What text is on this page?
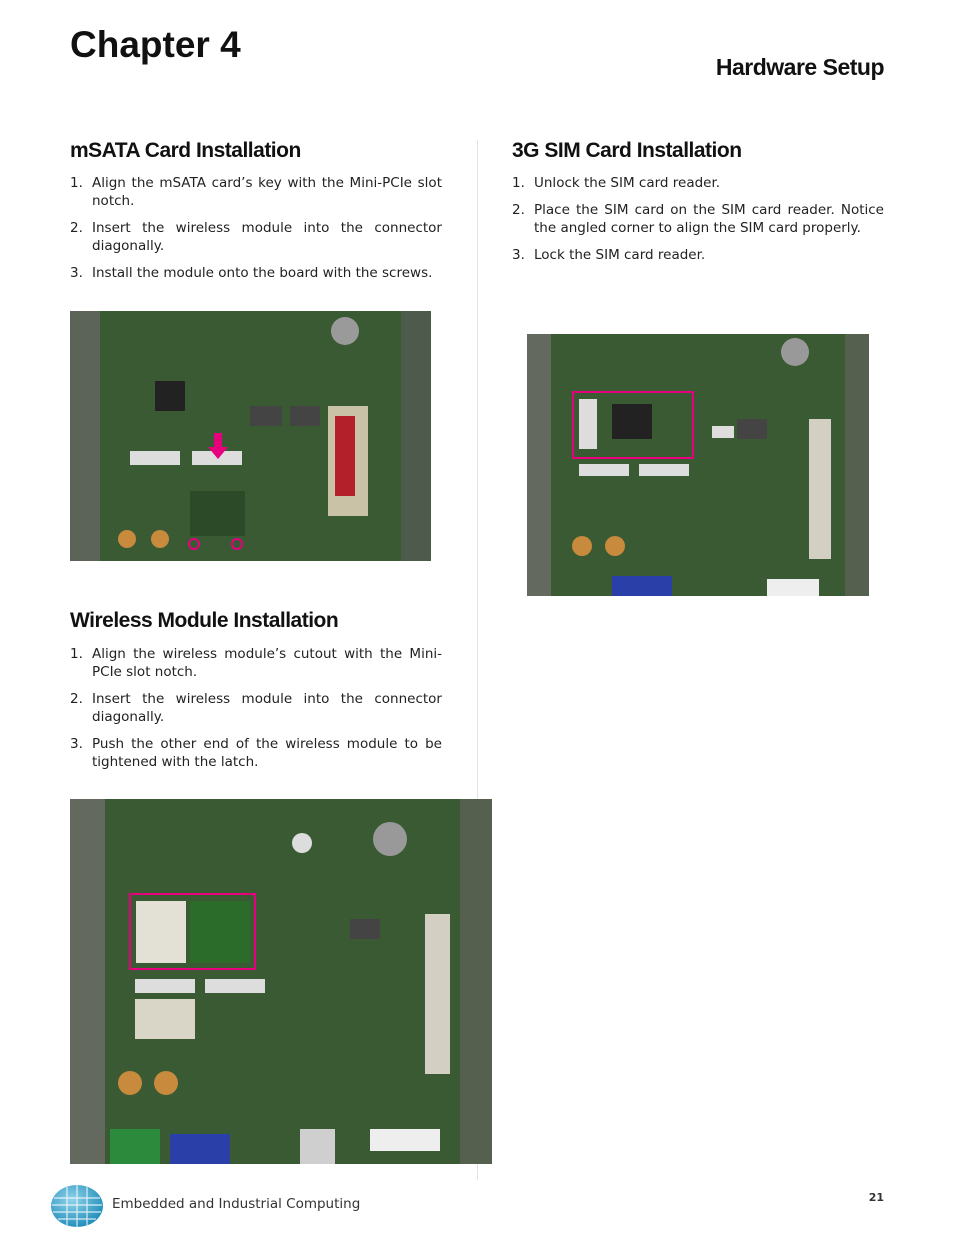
Chapter 4
Hardware Setup
mSATA Card Installation
1. Align the mSATA card’s key with the Mini-PCIe slot notch.
2. Insert the wireless module into the connector diagonally.
3. Install the module onto the board with the screws.
Wireless Module Installation
1. Align the wireless module’s cutout with the Mini-PCIe slot notch.
2. Insert the wireless module into the connector diagonally.
3. Push the other end of the wireless module to be tightened with the latch.
3G SIM Card Installation
1. Unlock the SIM card reader.
2. Place the SIM card on the SIM card reader. Notice the angled corner to align the SIM card properly.
3. Lock the SIM card reader.
Embedded and Industrial Computing	21
